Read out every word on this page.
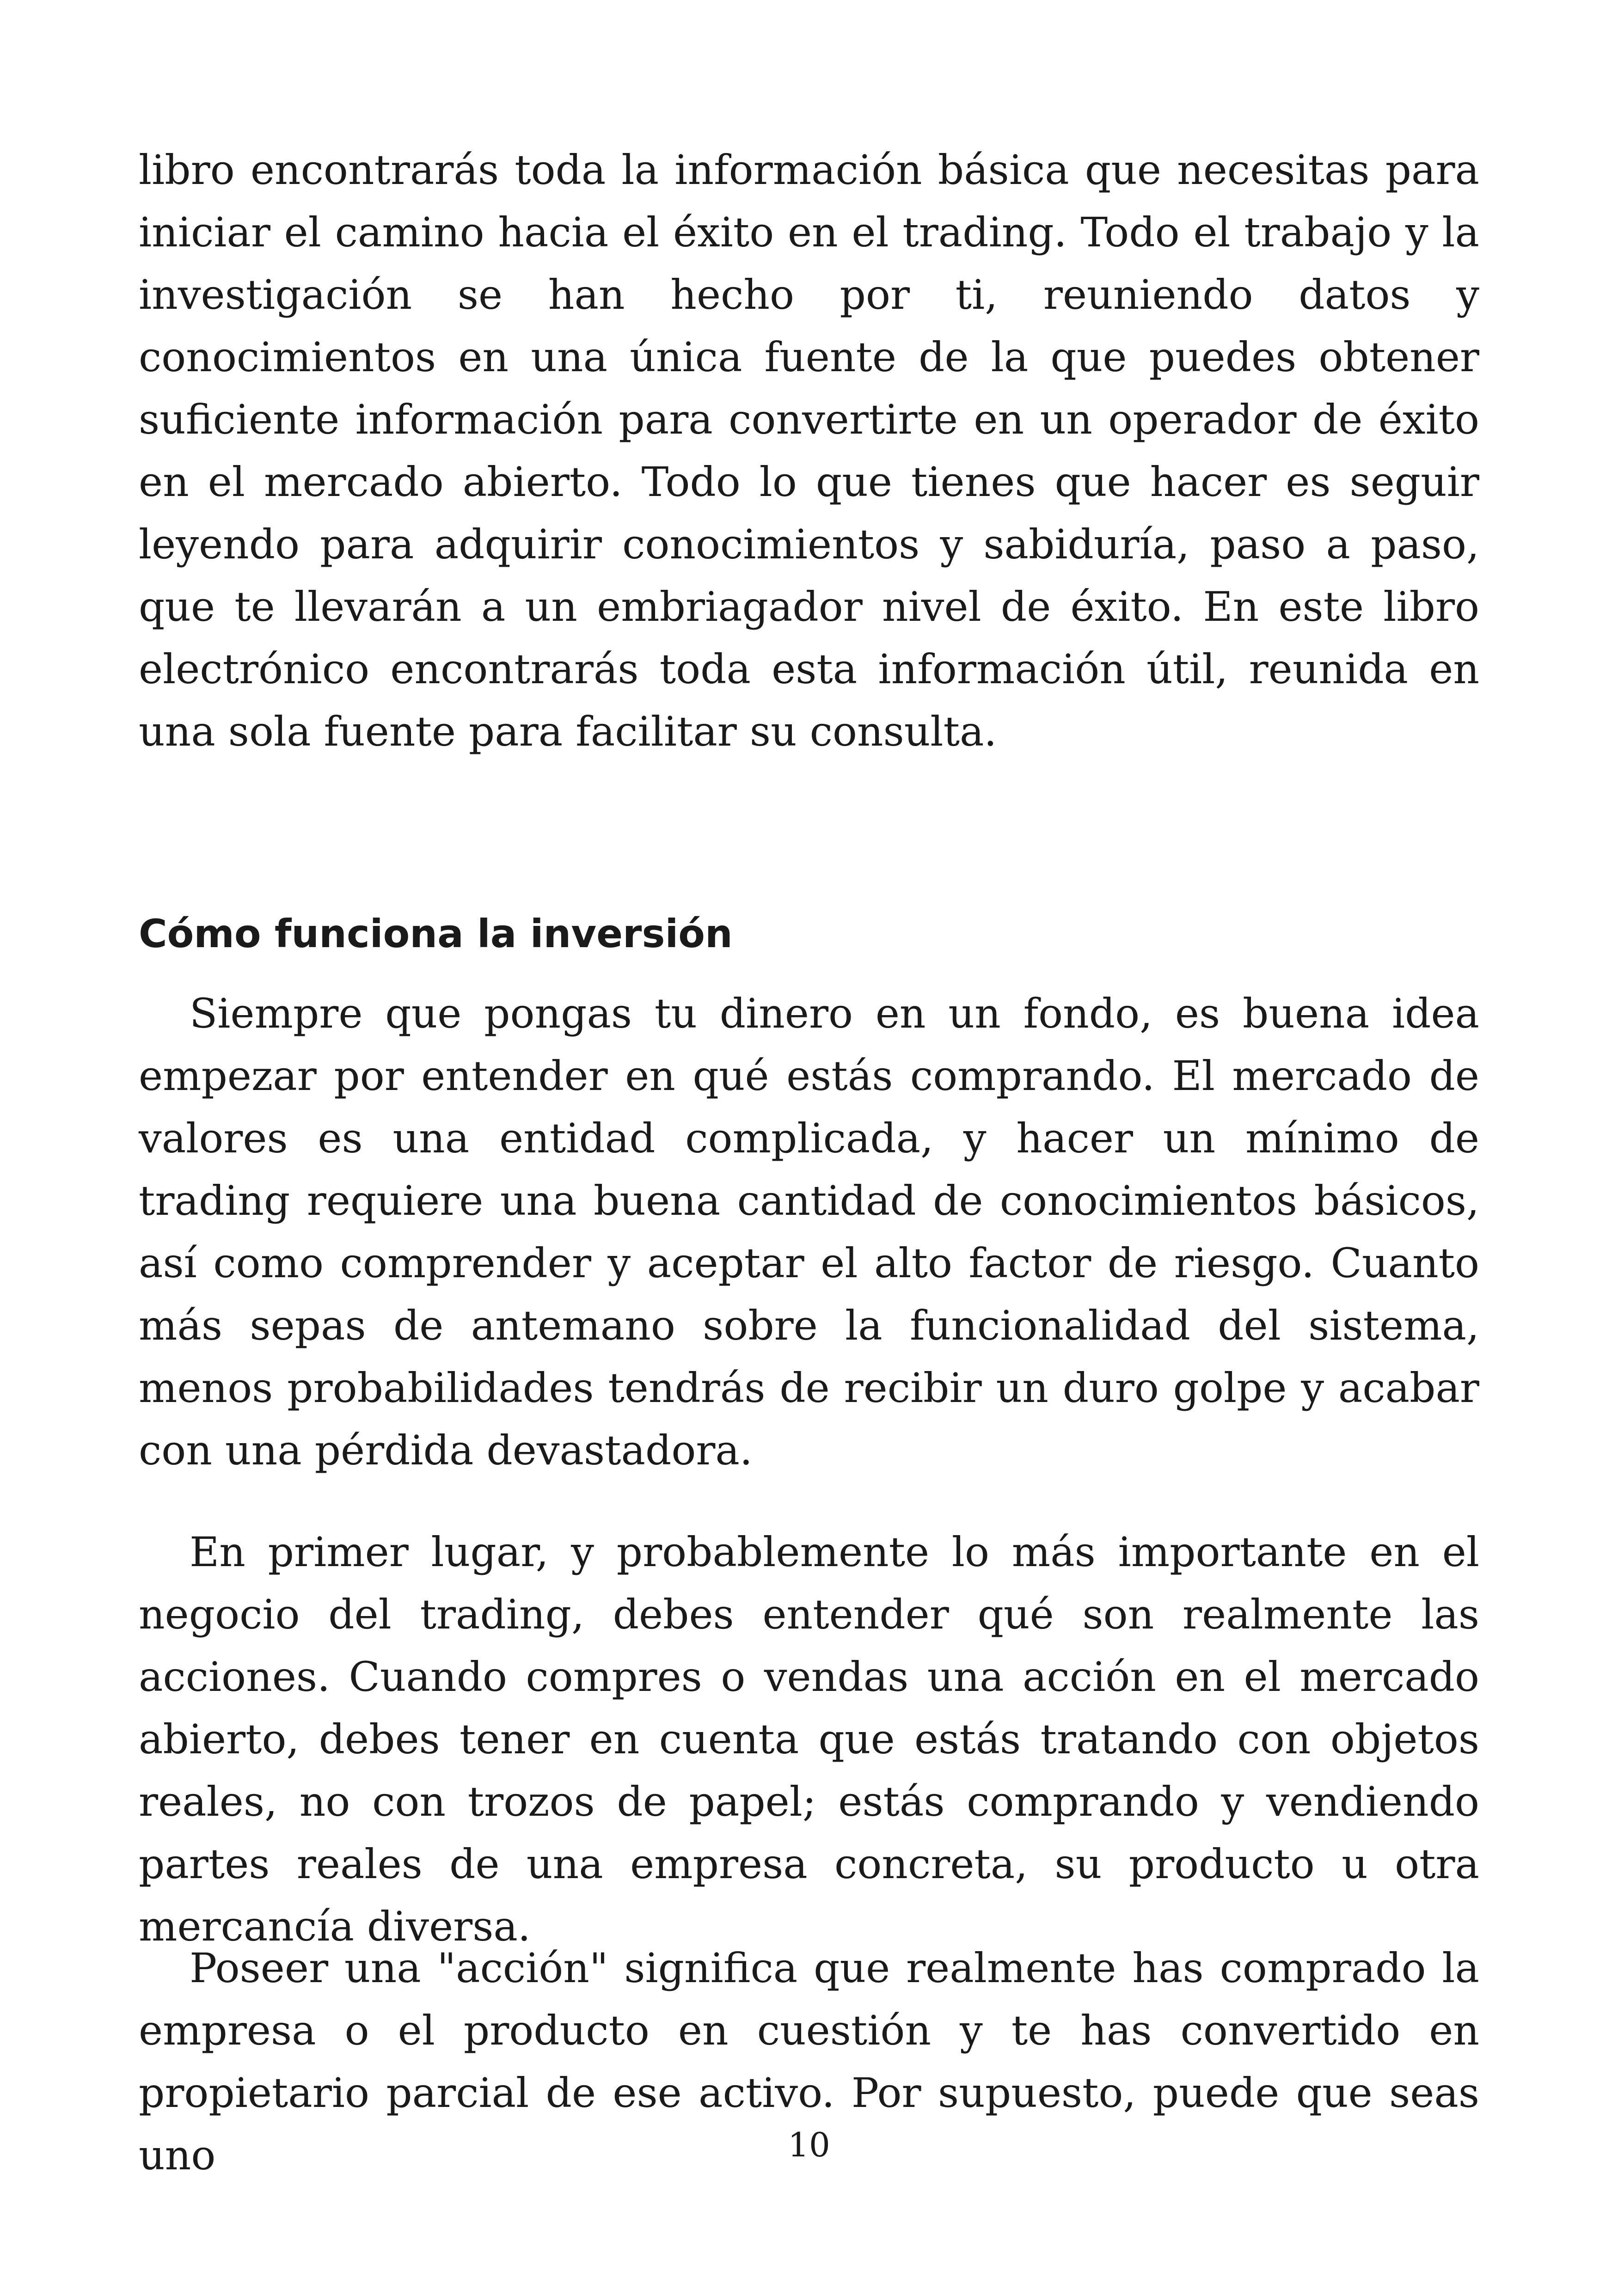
libro encontrarás toda la información básica que necesitas para iniciar el camino hacia el éxito en el trading. Todo el trabajo y la investigación se han hecho por ti, reuniendo datos y conocimientos en una única fuente de la que puedes obtener suficiente información para convertirte en un operador de éxito en el mercado abierto. Todo lo que tienes que hacer es seguir leyendo para adquirir conocimientos y sabiduría, paso a paso, que te llevarán a un embriagador nivel de éxito. En este libro electrónico encontrarás toda esta información útil, reunida en una sola fuente para facilitar su consulta.

Cómo funciona la inversión

Siempre que pongas tu dinero en un fondo, es buena idea empezar por entender en qué estás comprando. El mercado de valores es una entidad complicada, y hacer un mínimo de trading requiere una buena cantidad de conocimientos básicos, así como comprender y aceptar el alto factor de riesgo. Cuanto más sepas de antemano sobre la funcionalidad del sistema, menos probabilidades tendrás de recibir un duro golpe y acabar con una pérdida devastadora.

En primer lugar, y probablemente lo más importante en el negocio del trading, debes entender qué son realmente las acciones. Cuando compres o vendas una acción en el mercado abierto, debes tener en cuenta que estás tratando con objetos reales, no con trozos de papel; estás comprando y vendiendo partes reales de una empresa concreta, su producto u otra mercancía diversa.

Poseer una "acción" significa que realmente has comprado la empresa o el producto en cuestión y te has convertido en propietario parcial de ese activo. Por supuesto, puede que seas uno	10
